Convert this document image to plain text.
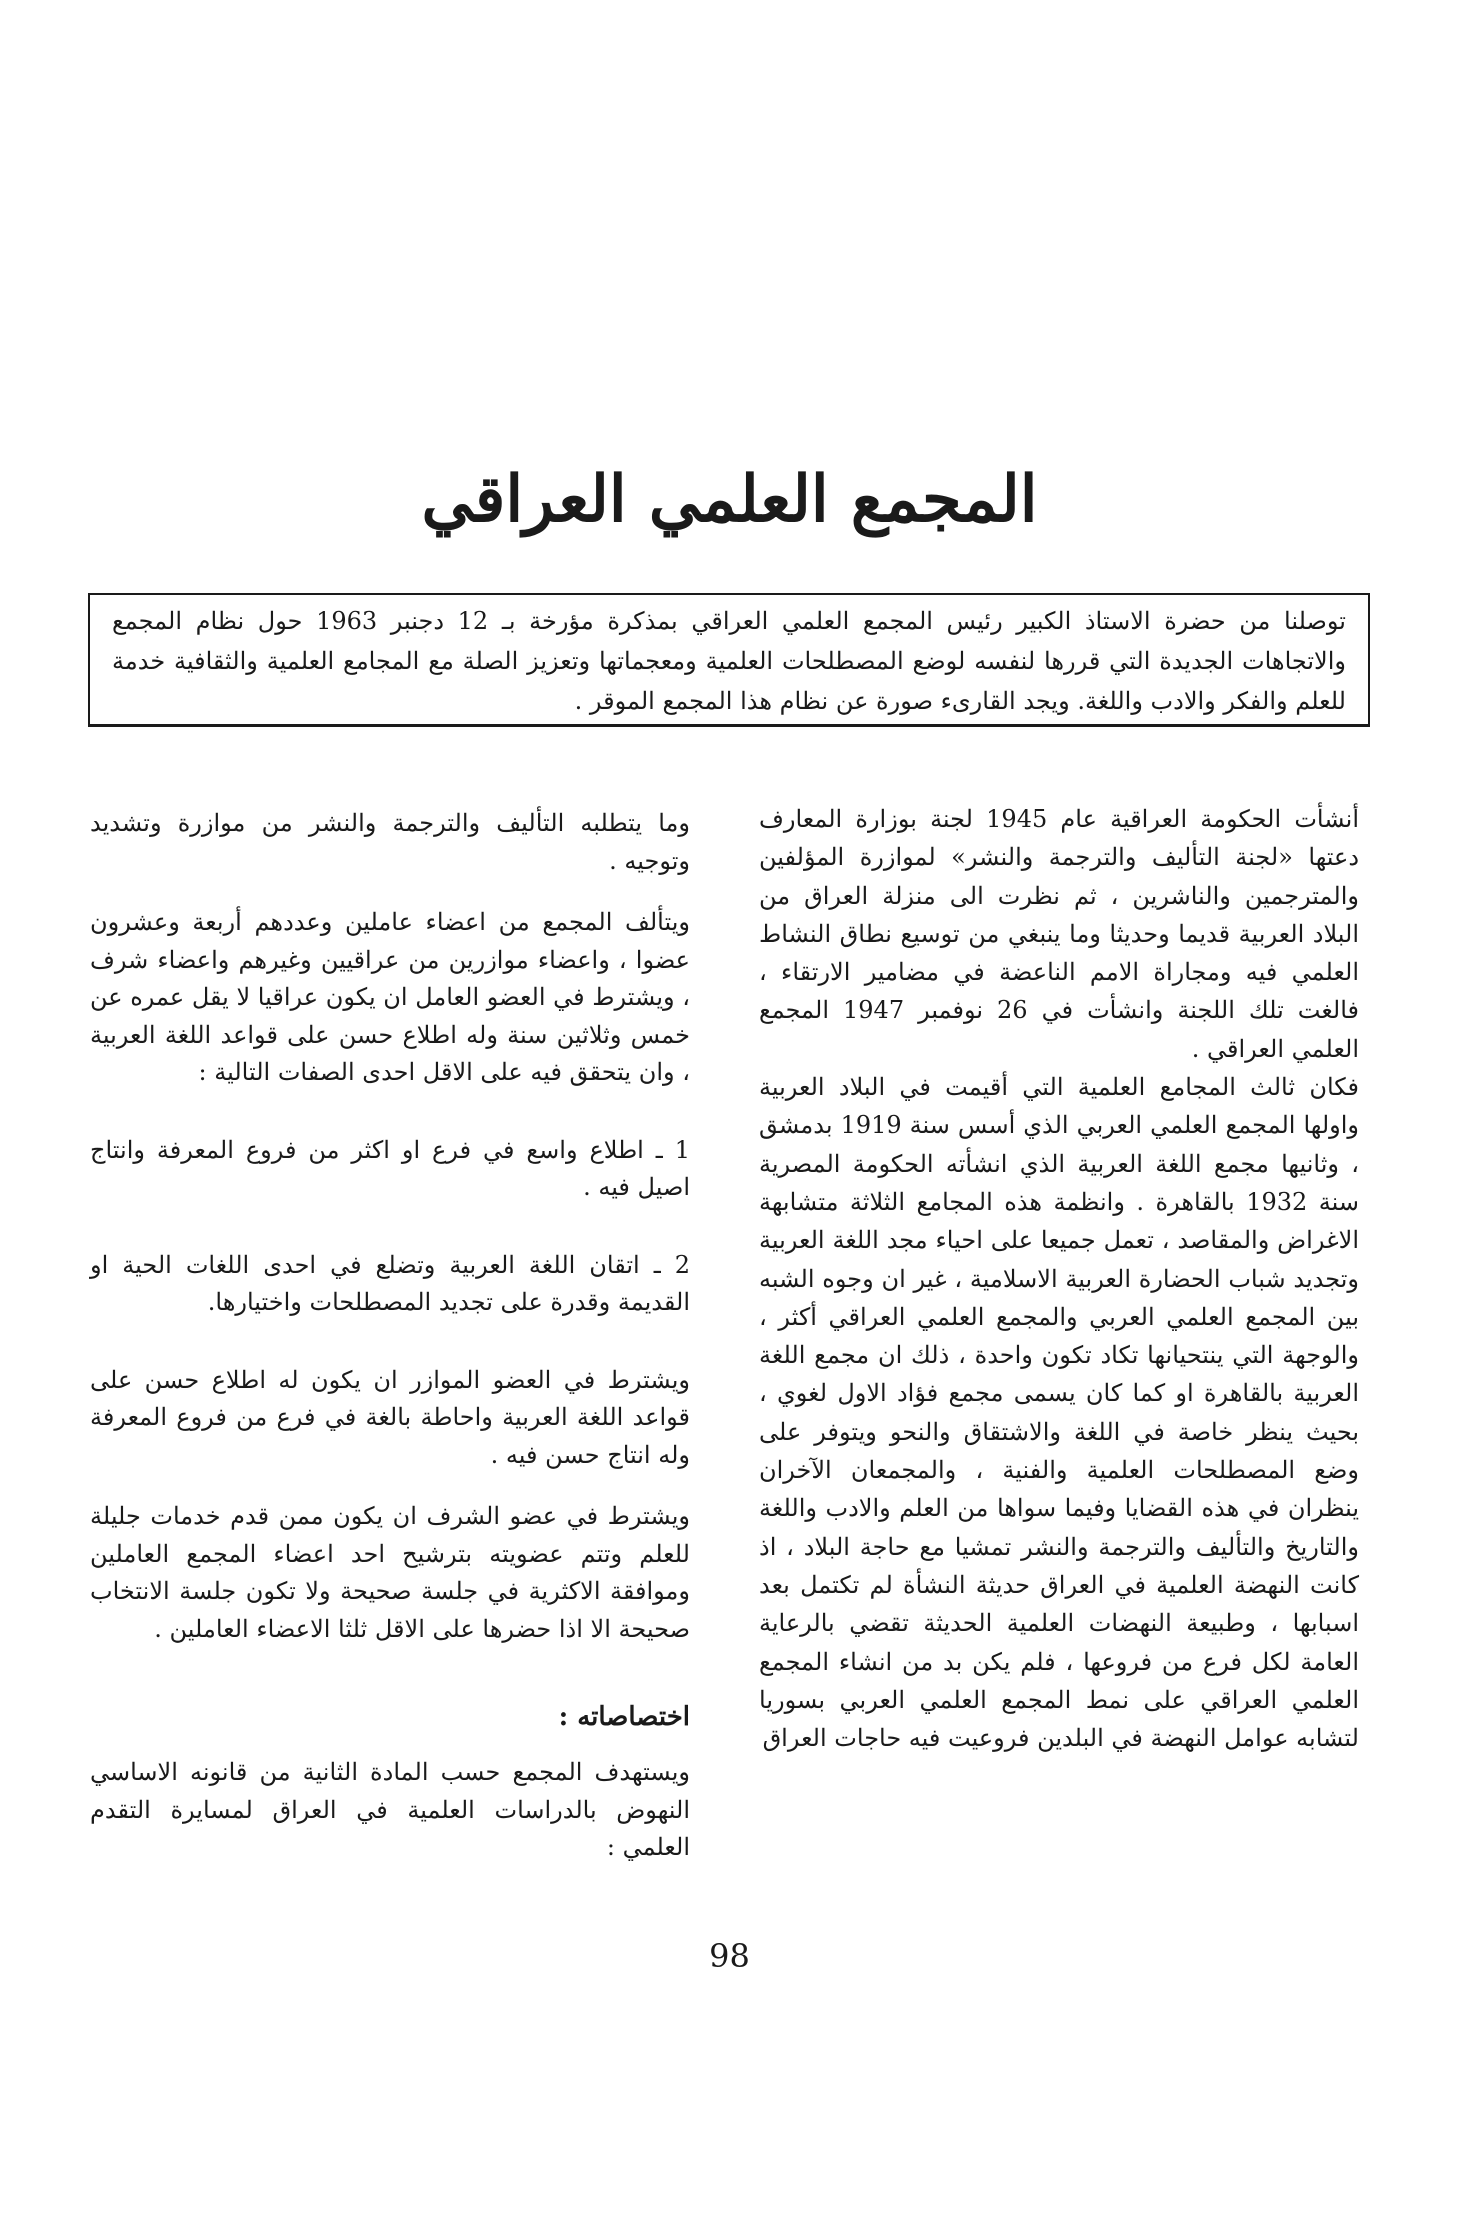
المجمع العلمي العراقي

توصلنا من حضرة الاستاذ الكبير رئيس المجمع العلمي العراقي بمذكرة مؤرخة بـ 12 دجنبر 1963 حول نظام المجمع والاتجاهات الجديدة التي قررها لنفسه لوضع المصطلحات العلمية ومعجماتها وتعزيز الصلة مع المجامع العلمية والثقافية خدمة للعلم والفكر والادب واللغة. ويجد القارىء صورة عن نظام هذا المجمع الموقر .

أنشأت الحكومة العراقية عام 1945 لجنة بوزارة المعارف دعتها «لجنة التأليف والترجمة والنشر» لموازرة المؤلفين والمترجمين والناشرين ، ثم نظرت الى منزلة العراق من البلاد العربية قديما وحديثا وما ينبغي من توسيع نطاق النشاط العلمي فيه ومجاراة الامم الناعضة في مضامير الارتقاء ، فالغت تلك اللجنة وانشأت في 26 نوفمبر 1947 المجمع العلمي العراقي .

فكان ثالث المجامع العلمية التي أقيمت في البلاد العربية واولها المجمع العلمي العربي الذي أسس سنة 1919 بدمشق ، وثانيها مجمع اللغة العربية الذي انشأته الحكومة المصرية سنة 1932 بالقاهرة . وانظمة هذه المجامع الثلاثة متشابهة الاغراض والمقاصد ، تعمل جميعا على احياء مجد اللغة العربية وتجديد شباب الحضارة العربية الاسلامية ، غير ان وجوه الشبه بين المجمع العلمي العربي والمجمع العلمي العراقي أكثر ، والوجهة التي ينتحيانها تكاد تكون واحدة ، ذلك ان مجمع اللغة العربية بالقاهرة او كما كان يسمى مجمع فؤاد الاول لغوي ، بحيث ينظر خاصة في اللغة والاشتقاق والنحو ويتوفر على وضع المصطلحات العلمية والفنية ، والمجمعان الآخران ينظران في هذه القضايا وفيما سواها من العلم والادب واللغة والتاريخ والتأليف والترجمة والنشر تمشيا مع حاجة البلاد ، اذ كانت النهضة العلمية في العراق حديثة النشأة لم تكتمل بعد اسبابها ، وطبيعة النهضات العلمية الحديثة تقضي بالرعاية العامة لكل فرع من فروعها ، فلم يكن بد من انشاء المجمع العلمي العراقي على نمط المجمع العلمي العربي بسوريا لتشابه عوامل النهضة في البلدين فروعيت فيه حاجات العراق

وما يتطلبه التأليف والترجمة والنشر من موازرة وتشديد وتوجيه .

ويتألف المجمع من اعضاء عاملين وعددهم أربعة وعشرون عضوا ، واعضاء موازرين من عراقيين وغيرهم واعضاء شرف ، ويشترط في العضو العامل ان يكون عراقيا لا يقل عمره عن خمس وثلاثين سنة وله اطلاع حسن على قواعد اللغة العربية ، وان يتحقق فيه على الاقل احدى الصفات التالية :

1 ـ اطلاع واسع في فرع او اكثر من فروع المعرفة وانتاج اصيل فيه .

2 ـ اتقان اللغة العربية وتضلع في احدى اللغات الحية او القديمة وقدرة على تجديد المصطلحات واختيارها.

ويشترط في العضو الموازر ان يكون له اطلاع حسن على قواعد اللغة العربية واحاطة بالغة في فرع من فروع المعرفة وله انتاج حسن فيه .

ويشترط في عضو الشرف ان يكون ممن قدم خدمات جليلة للعلم وتتم عضويته بترشيح احد اعضاء المجمع العاملين وموافقة الاكثرية في جلسة صحيحة ولا تكون جلسة الانتخاب صحيحة الا اذا حضرها على الاقل ثلثا الاعضاء العاملين .

اختصاصاته :

ويستهدف المجمع حسب المادة الثانية من قانونه الاساسي النهوض بالدراسات العلمية في العراق لمسايرة التقدم العلمي :

98
